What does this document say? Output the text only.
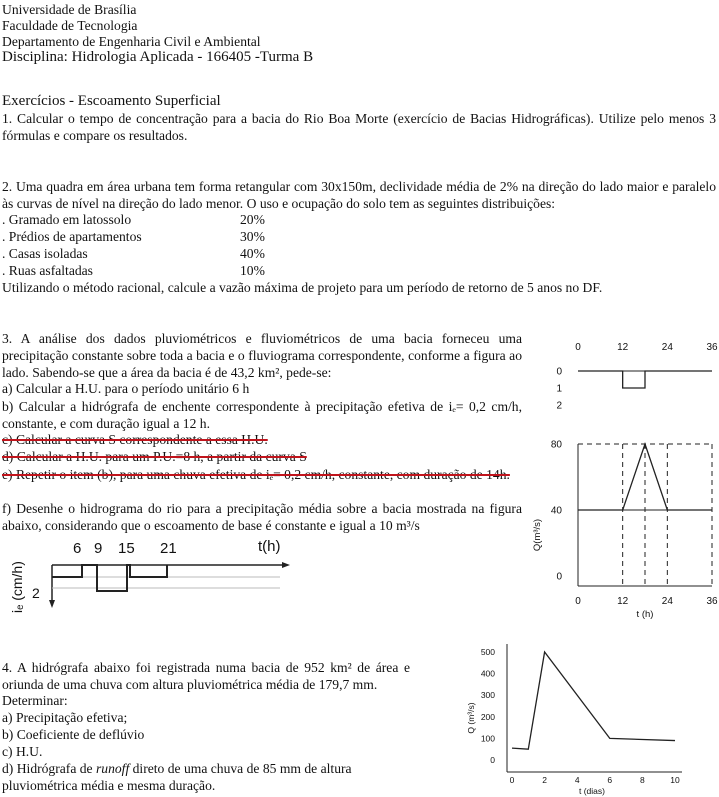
Universidade de Brasília
Faculdade de Tecnologia
Departamento de Engenharia Civil e Ambiental
Disciplina: Hidrologia Aplicada - 166405 -Turma B
Exercícios - Escoamento Superficial
1. Calcular o tempo de concentração para a bacia do Rio Boa Morte (exercício de Bacias Hidrográficas). Utilize pelo menos 3 fórmulas e compare os resultados.
2. Uma quadra em área urbana tem forma retangular com 30x150m, declividade média de 2% na direção do lado maior e paralelo às curvas de nível na direção do lado menor. O uso e ocupação do solo tem as seguintes distribuições:
. Gramado em latossolo	20%
. Prédios de apartamentos	30%
. Casas isoladas	40%
. Ruas asfaltadas	10%
Utilizando o método racional, calcule a vazão máxima de projeto para um período de retorno de 5 anos no DF.
3. A análise dos dados pluviométricos e fluviométricos de uma bacia forneceu uma precipitação constante sobre toda a bacia e o fluviograma correspondente, conforme a figura ao lado. Sabendo-se que a área da bacia é de 43,2 km², pede-se:
a) Calcular a H.U. para o período unitário 6 h
b) Calcular a hidrógrafa de enchente correspondente à precipitação efetiva de iₑ= 0,2 cm/h, constante, e com duração igual a 12 h.
c) Calcular a curva S correspondente a essa H.U.
d) Calcular a H.U. para um P.U.=8 h, a partir da curva S
e) Repetir o item (b), para uma chuva efetiva de iₑ= 0,2 cm/h, constante, com duração de 14h.
f) Desenhe o hidrograma do rio para a precipitação média sobre a bacia mostrada na figura abaixo, considerando que o escoamento de base é constante e igual a 10 m³/s
6 9 15 21	t(h)
iₑ (cm/h) 2
0	12	24	36
0
1
2
0
40
80
0	12	24	36
Q(m³/s)
t (h)
4. A hidrógrafa abaixo foi registrada numa bacia de 952 km² de área e oriunda de uma chuva com altura pluviométrica média de 179,7 mm.
Determinar:
a) Precipitação efetiva;
b) Coeficiente de deflúvio
c) H.U.
d) Hidrógrafa de runoff direto de uma chuva de 85 mm de altura
pluviométrica média e mesma duração.
0
100
200
300
400
500
0	2	4	6	8	10
Q (m³/s)
t (dias)
